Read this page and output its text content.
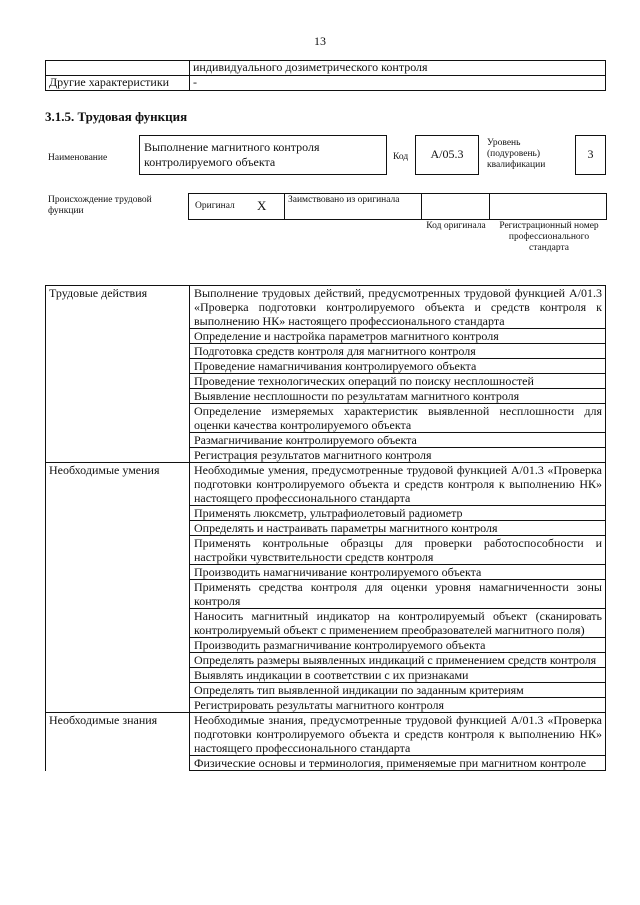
13
	индивидуального дозиметрического контроля
Другие характеристики	-
3.1.5. Трудовая функция
Наименование
Выполнение магнитного контроля контролируемого объекта	Код	А/05.3
Уровень (подуровень) квалификации
3
Происхождение трудовой функции	Оригинал X Заимствовано из оригинала
Код оригинала	Регистрационный номер профессионального стандарта
Трудовые действия	Выполнение трудовых действий, предусмотренных трудовой функцией А/01.3 «Проверка подготовки контролируемого объекта и средств контроля к выполнению НК» настоящего профессионального стандарта
	Определение и настройка параметров магнитного контроля
	Подготовка средств контроля для магнитного контроля
	Проведение намагничивания контролируемого объекта
	Проведение технологических операций по поиску несплошностей
	Выявление несплошности по результатам магнитного контроля
	Определение измеряемых характеристик выявленной несплошности для оценки качества контролируемого объекта
	Размагничивание контролируемого объекта
	Регистрация результатов магнитного контроля
Необходимые умения	Необходимые умения, предусмотренные трудовой функцией А/01.3 «Проверка подготовки контролируемого объекта и средств контроля к выполнению НК» настоящего профессионального стандарта
	Применять люксметр, ультрафиолетовый радиометр
	Определять и настраивать параметры магнитного контроля
	Применять контрольные образцы для проверки работоспособности и настройки чувствительности средств контроля
	Производить намагничивание контролируемого объекта
	Применять средства контроля для оценки уровня намагниченности зоны контроля
	Наносить магнитный индикатор на контролируемый объект (сканировать контролируемый объект с применением преобразователей магнитного поля)
	Производить размагничивание контролируемого объекта
	Определять размеры выявленных индикаций с применением средств контроля
	Выявлять индикации в соответствии с их признаками
	Определять тип выявленной индикации по заданным критериям
	Регистрировать результаты магнитного контроля
Необходимые знания	Необходимые знания, предусмотренные трудовой функцией А/01.3 «Проверка подготовки контролируемого объекта и средств контроля к выполнению НК» настоящего профессионального стандарта
	Физические основы и терминология, применяемые при магнитном контроле
